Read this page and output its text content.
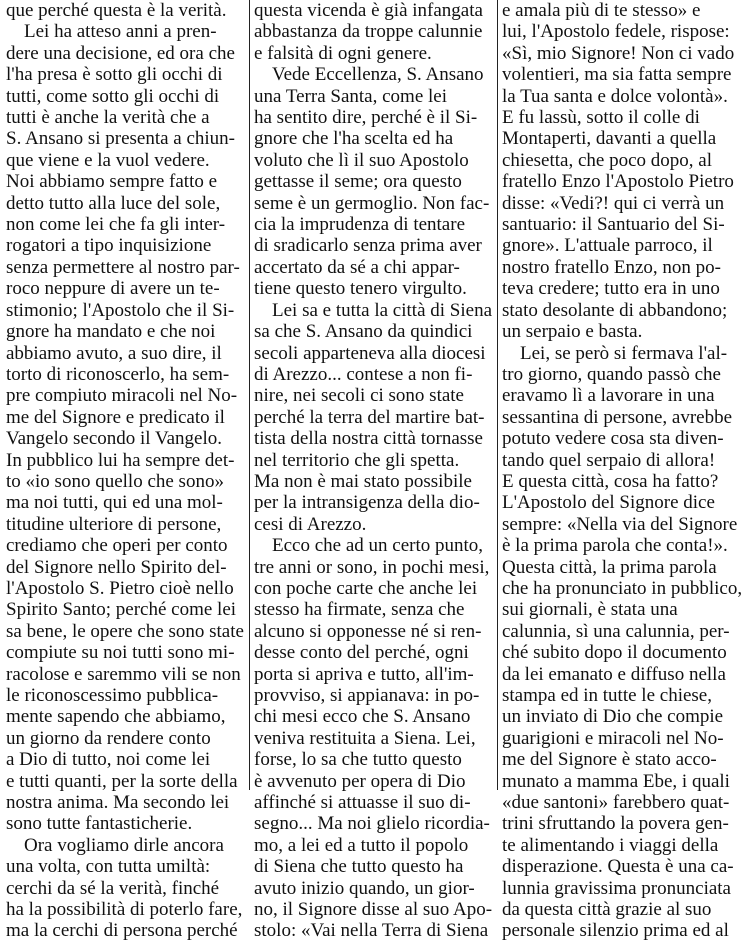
que perché questa è la verità.
Lei ha atteso anni a pren-
dere una decisione, ed ora che
l'ha presa è sotto gli occhi di
tutti, come sotto gli occhi di
tutti è anche la verità che a
S. Ansano si presenta a chiun-
que viene e la vuol vedere.
Noi abbiamo sempre fatto e
detto tutto alla luce del sole,
non come lei che fa gli inter-
rogatori a tipo inquisizione
senza permettere al nostro par-
roco neppure di avere un te-
stimonio; l'Apostolo che il Si-
gnore ha mandato e che noi
abbiamo avuto, a suo dire, il
torto di riconoscerlo, ha sem-
pre compiuto miracoli nel No-
me del Signore e predicato il
Vangelo secondo il Vangelo.
In pubblico lui ha sempre det-
to «io sono quello che sono»
ma noi tutti, qui ed una mol-
titudine ulteriore di persone,
crediamo che operi per conto
del Signore nello Spirito del-
l'Apostolo S. Pietro cioè nello
Spirito Santo; perché come lei
sa bene, le opere che sono state
compiute su noi tutti sono mi-
racolose e saremmo vili se non
le riconoscessimo pubblica-
mente sapendo che abbiamo,
un giorno da rendere conto
a Dio di tutto, noi come lei
e tutti quanti, per la sorte della
nostra anima. Ma secondo lei
sono tutte fantasticherie.
Ora vogliamo dirle ancora
una volta, con tutta umiltà:
cerchi da sé la verità, finché
ha la possibilità di poterlo fare,
ma la cerchi di persona perché

questa vicenda è già infangata
abbastanza da troppe calunnie
e falsità di ogni genere.
Vede Eccellenza, S. Ansano
una Terra Santa, come lei
ha sentito dire, perché è il Si-
gnore che l'ha scelta ed ha
voluto che lì il suo Apostolo
gettasse il seme; ora questo
seme è un germoglio. Non fac-
cia la imprudenza di tentare
di sradicarlo senza prima aver
accertato da sé a chi appar-
tiene questo tenero virgulto.
Lei sa e tutta la città di Siena
sa che S. Ansano da quindici
secoli apparteneva alla diocesi
di Arezzo... contese a non fi-
nire, nei secoli ci sono state
perché la terra del martire bat-
tista della nostra città tornasse
nel territorio che gli spetta.
Ma non è mai stato possibile
per la intransigenza della dio-
cesi di Arezzo.
Ecco che ad un certo punto,
tre anni or sono, in pochi mesi,
con poche carte che anche lei
stesso ha firmate, senza che
alcuno si opponesse né si ren-
desse conto del perché, ogni
porta si apriva e tutto, all'im-
provviso, si appianava: in po-
chi mesi ecco che S. Ansano
veniva restituita a Siena. Lei,
forse, lo sa che tutto questo
è avvenuto per opera di Dio
affinché si attuasse il suo di-
segno... Ma noi glielo ricordia-
mo, a lei ed a tutto il popolo
di Siena che tutto questo ha
avuto inizio quando, un gior-
no, il Signore disse al suo Apo-
stolo: «Vai nella Terra di Siena

e amala più di te stesso» e
lui, l'Apostolo fedele, rispose:
«Sì, mio Signore! Non ci vado
volentieri, ma sia fatta sempre
la Tua santa e dolce volontà».
E fu lassù, sotto il colle di
Montaperti, davanti a quella
chiesetta, che poco dopo, al
fratello Enzo l'Apostolo Pietro
disse: «Vedi?! qui ci verrà un
santuario: il Santuario del Si-
gnore». L'attuale parroco, il
nostro fratello Enzo, non po-
teva credere; tutto era in uno
stato desolante di abbandono;
un serpaio e basta.
Lei, se però si fermava l'al-
tro giorno, quando passò che
eravamo lì a lavorare in una
sessantina di persone, avrebbe
potuto vedere cosa sta diven-
tando quel serpaio di allora!
E questa città, cosa ha fatto?
L'Apostolo del Signore dice
sempre: «Nella via del Signore
è la prima parola che conta!».
Questa città, la prima parola
che ha pronunciato in pubblico,
sui giornali, è stata una
calunnia, sì una calunnia, per-
ché subito dopo il documento
da lei emanato e diffuso nella
stampa ed in tutte le chiese,
un inviato di Dio che compie
guarigioni e miracoli nel No-
me del Signore è stato acco-
munato a mamma Ebe, i quali
«due santoni» farebbero quat-
trini sfruttando la povera gen-
te alimentando i viaggi della
disperazione. Questa è una ca-
lunnia gravissima pronunciata
da questa città grazie al suo
personale silenzio prima ed al
